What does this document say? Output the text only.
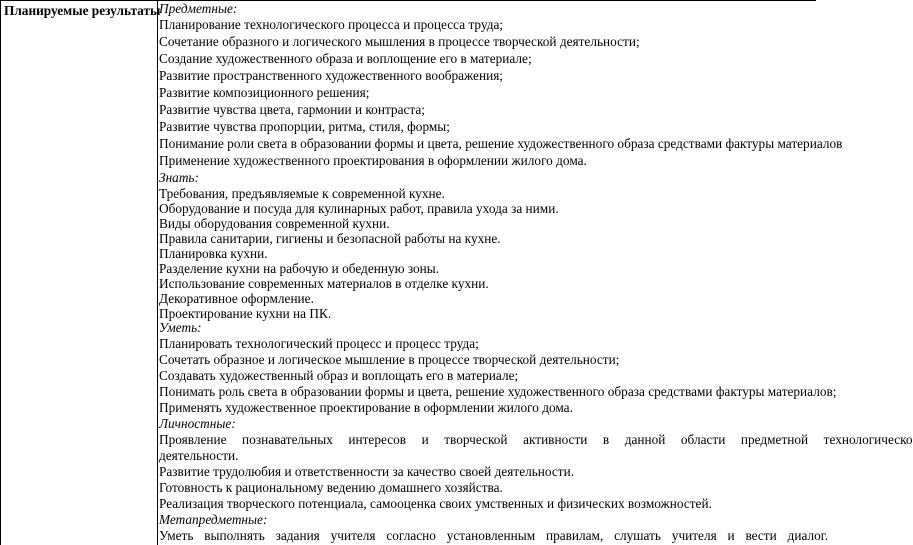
Планируемые результаты
Предметные:
Планирование технологического процесса и процесса труда;
Сочетание образного и логического мышления в процессе творческой деятельности;
Создание художественного образа и воплощение его в материале;
Развитие пространственного художественного воображения;
Развитие композиционного решения;
Развитие чувства цвета, гармонии и контраста;
Развитие чувства пропорции, ритма, стиля, формы;
Понимание роли света в образовании формы и цвета, решение художественного образа средствами фактуры материалов
Применение художественного проектирования в оформлении жилого дома.
Знать:
Требования, предъявляемые к современной кухне.
Оборудование и посуда для кулинарных работ, правила ухода за ними.
Виды оборудования современной кухни.
Правила санитарии, гигиены и безопасной работы на кухне.
Планировка кухни.
Разделение кухни на рабочую и обеденную зоны.
Использование современных материалов в отделке кухни.
Декоративное оформление.
Проектирование кухни на ПК.
Уметь:
Планировать технологический процесс и процесс труда;
Сочетать образное и логическое мышление в процессе творческой деятельности;
Создавать художественный образ и воплощать его в материале;
Понимать роль света в образовании формы и цвета, решение художественного образа средствами фактуры материалов;
Применять художественное проектирование в оформлении жилого дома.
Личностные:
Проявление познавательных интересов и творческой активности в данной области предметной технологическо
деятельности.
Развитие трудолюбия и ответственности за качество своей деятельности.
Готовность к рациональному ведению домашнего хозяйства.
Реализация творческого потенциала, самооценка своих умственных и физических возможностей.
Метапредметные:
Уметь выполнять задания учителя согласно установленным правилам, слушать учителя и вести диалог.
